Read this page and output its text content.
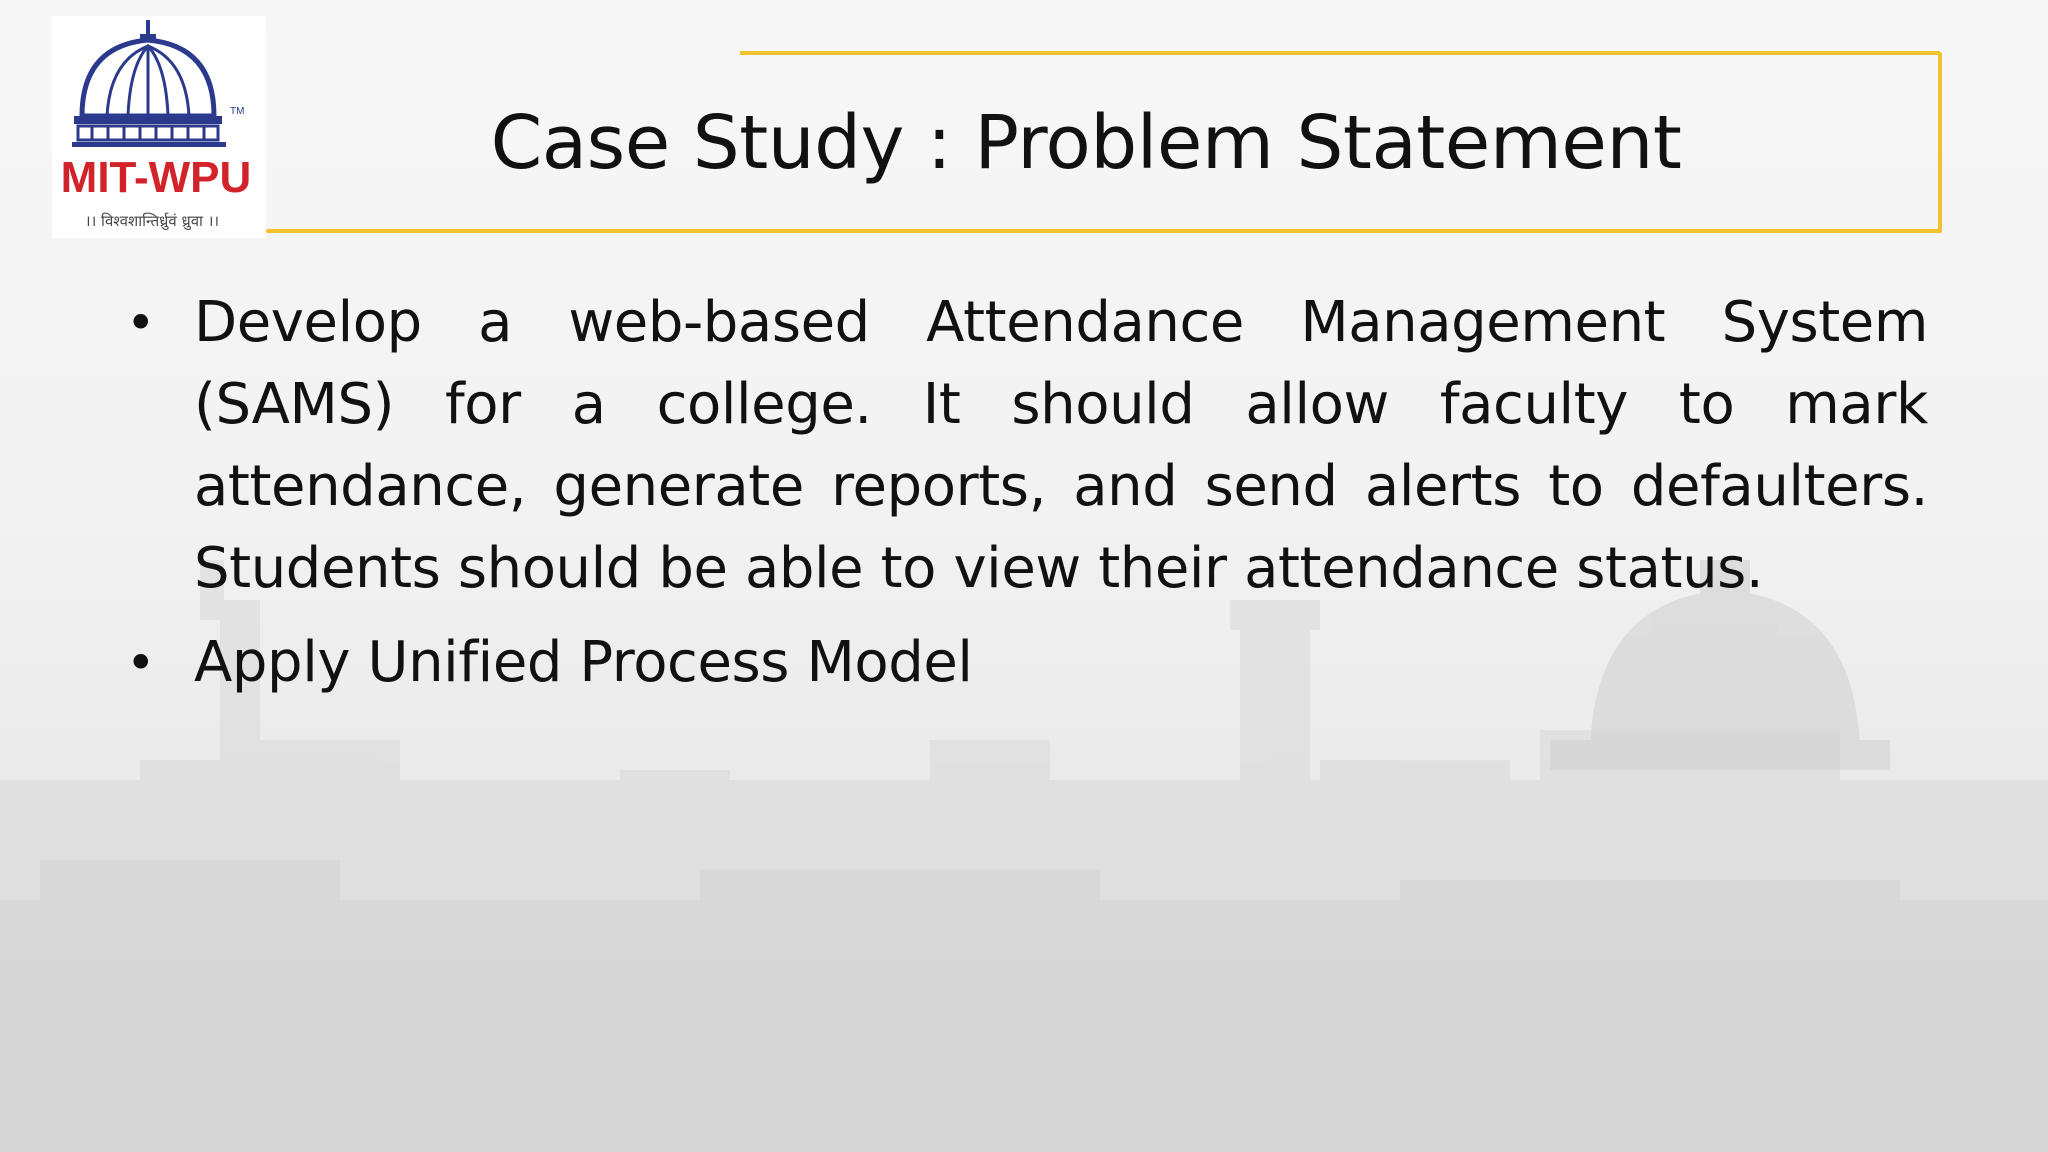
TM
MIT-WPU
।। विश्वशान्तिर्ध्रुवं ध्रुवा ।।
Case Study : Problem Statement
• Develop a web-based Attendance Management System (SAMS) for a college. It should allow faculty to mark attendance, generate reports, and send alerts to defaulters. Students should be able to view their attendance status.
• Apply Unified Process Model
